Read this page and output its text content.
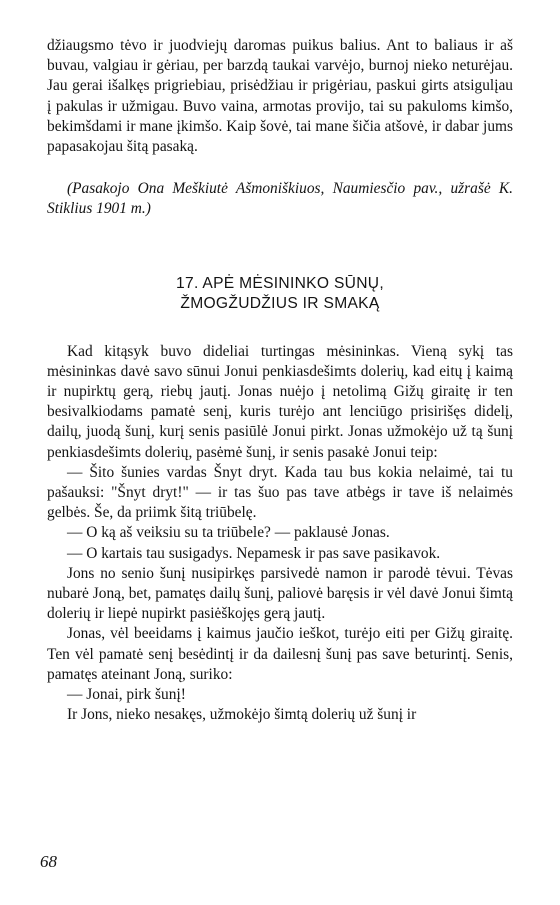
džiaugsmo tėvo ir juodviejų daromas puikus balius. Ant to baliaus ir aš buvau, valgiau ir gėriau, per barzdą taukai varvėjo, burnoj nieko neturėjau. Jau gerai išalkęs prigriebiau, prisėdžiau ir prigėriau, paskui girts atsigulįau į pakulas ir užmigau. Buvo vaina, armotas provijo, tai su pakuloms kimšo, bekimšdami ir mane įkimšo. Kaip šovė, tai mane šičia atšovė, ir dabar jums papasakojau šitą pasaką.

(Pasakojo Ona Meškiutė Ašmoniškiuos, Naumiesčio pav., užrašė K. Stiklius 1901 m.)

17. APĖ MĖSININKO SŪNŲ,
ŽMOGŽUDŽIUS IR SMAKĄ

Kad kitąsyk buvo dideliai turtingas mėsininkas. Vieną sykį tas mėsininkas davė savo sūnui Jonui penkiasdešimts dolerių, kad eitų į kaimą ir nupirktų gerą, riebų jautį. Jonas nuėjo į netolimą Gižų giraitę ir ten besivalkiodams pamatė senį, kuris turėjo ant lenciūgo prisirišęs didelį, dailų, juodą šunį, kurį senis pasiūlė Jonui pirkt. Jonas užmokėjo už tą šunį penkiasdešimts dolerių, pasėmė šunį, ir senis pasakė Jonui teip:

— Šito šunies vardas Šnyt dryt. Kada tau bus kokia nelaimė, tai tu pašauksi: "Šnyt dryt!" — ir tas šuo pas tave atbėgs ir tave iš nelaimės gelbės. Še, da priimk šitą triūbelę.

— O ką aš veiksiu su ta triūbele? — paklausė Jonas.

— O kartais tau susigadys. Nepamesk ir pas save pasikavok.

Jons no senio šunį nusipirkęs parsivedė namon ir parodė tėvui. Tėvas nubarė Joną, bet, pamatęs dailų šunį, paliovė baręsis ir vėl davė Jonui šimtą dolerių ir liepė nupirkt pasiėškojęs gerą jautį.

Jonas, vėl beeidams į kaimus jaučio ieškot, turėjo eiti per Gižų giraitę. Ten vėl pamatė senį besėdintį ir da dailesnį šunį pas save beturintį. Senis, pamatęs ateinant Joną, suriko:

— Jonai, pirk šunį!

Ir Jons, nieko nesakęs, užmokėjo šimtą dolerių už šunį ir

68
